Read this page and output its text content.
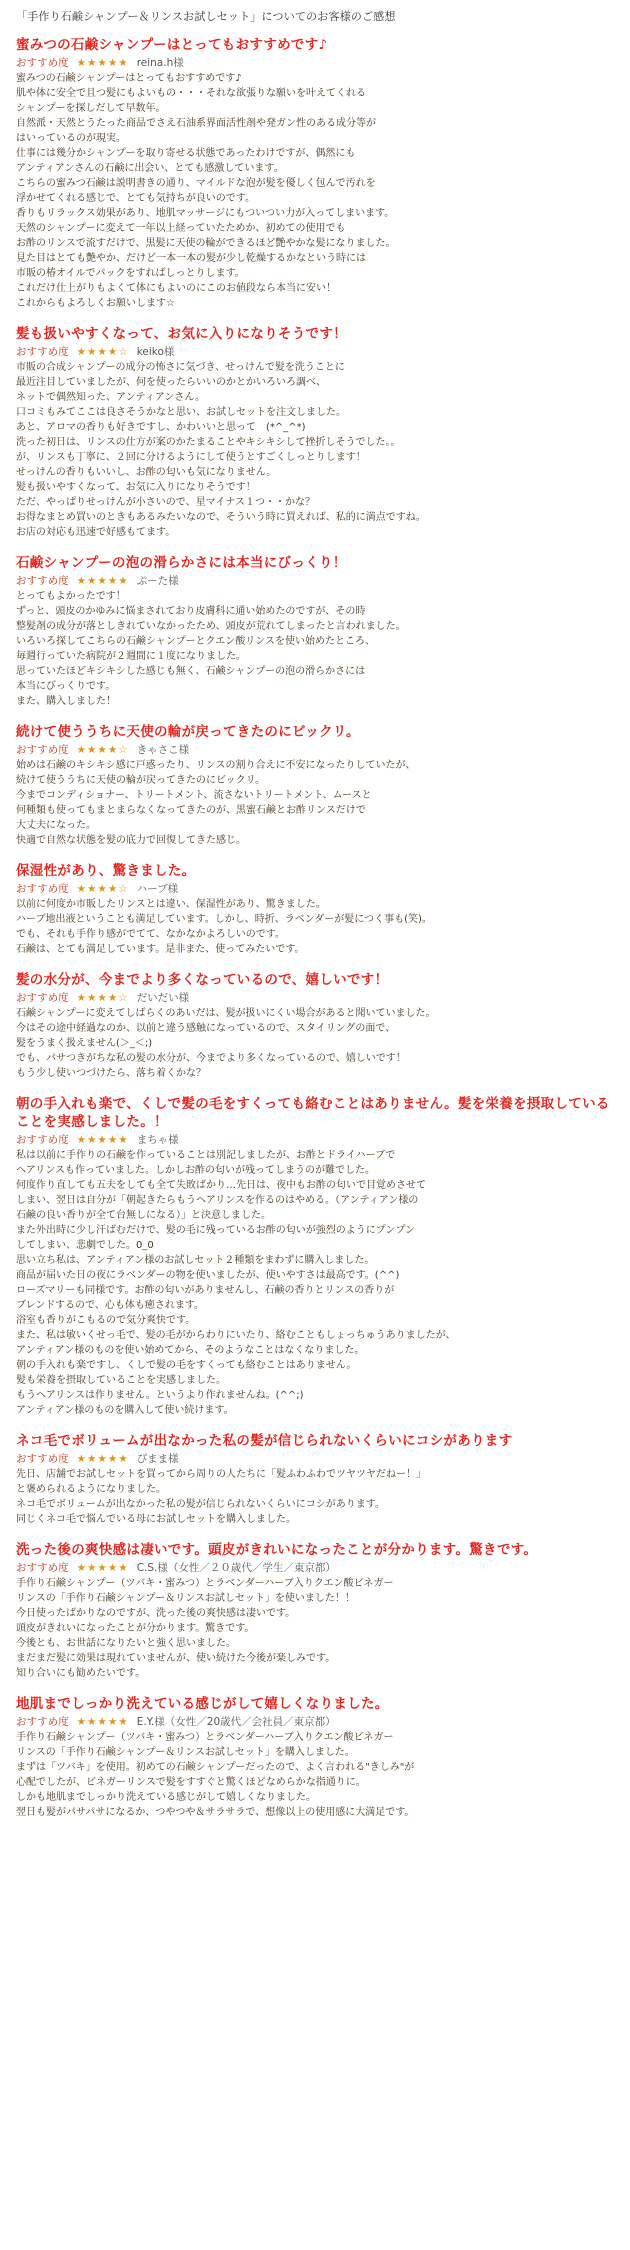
「手作り石鹸シャンプー＆リンスお試しセット」についてのお客様のご感想
蜜みつの石鹸シャンプーはとってもおすすめです♪
おすすめ度 ★★★★★ reina.h様
蜜みつの石鹸シャンプーはとってもおすすめです♪
肌や体に安全で且つ髪にもよいもの・・・それな欲張りな願いを叶えてくれる
シャンプーを探しだして早数年。
自然派・天然とうたった商品でさえ石油系界面活性剤や発ガン性のある成分等が
はいっているのが現実。
仕事には幾分かシャンプーを取り寄せる状態であったわけですが、偶然にも
アンティアンさんの石鹸に出会い、とても感激しています。
こちらの蜜みつ石鹸は説明書きの通り、マイルドな泡が髪を優しく包んで汚れを
浮かせてくれる感じで、とても気持ちが良いのです。
香りもリラックス効果があり、地肌マッサージにもついつい力が入ってしまいます。
天然のシャンプーに変えて一年以上経っていたためか、初めての使用でも
お酢のリンスで流すだけで、黒髪に天使の輪ができるほど艶やかな髪になりました。
見た目はとても艶やか、だけど一本一本の髪が少し乾燥するかなという時には
市販の椿オイルでパックをすればしっとりします。
これだけ仕上がりもよくて体にもよいのにこのお値段なら本当に安い！
これからもよろしくお願いします☆
髪も扱いやすくなって、お気に入りになりそうです！
おすすめ度 ★★★★☆ keiko様
市販の合成シャンプーの成分の怖さに気づき、せっけんで髪を洗うことに
最近注目していましたが、何を使ったらいいのかとかいろいろ調べ、
ネットで偶然知った、アンティアンさん。
口コミもみてここは良さそうかなと思い、お試しセットを注文しました。
あと、アロマの香りも好きですし、かわいいと思って　(*^_^*)
洗った初日は、リンスの仕方が案のかたまることやキシキシして挫折しそうでした。。
が、リンスも丁寧に、２回に分けるようにして使うとすごくしっとりします！
せっけんの香りもいいし、お酢の匂いも気になりません。
髪も扱いやすくなって、お気に入りになりそうです！
ただ、やっぱりせっけんが小さいので、星マイナス１つ・・かな？
お得なまとめ買いのときもあるみたいなので、そういう時に買えれば、私的に満点ですね。
お店の対応も迅速で好感もてます。
石鹸シャンプーの泡の滑らかさには本当にびっくり！
おすすめ度 ★★★★★ ぷーた様
とってもよかったです！
ずっと、頭皮のかゆみに悩まされており皮膚科に通い始めたのですが、その時
整髪剤の成分が落としきれていなかったため、頭皮が荒れてしまったと言われました。
いろいろ探してこちらの石鹸シャンプーとクエン酸リンスを使い始めたところ、
毎週行っていた病院が２週間に１度になりました。
思っていたほどキシキシした感じも無く、石鹸シャンプーの泡の滑らかさには
本当にびっくりです。
また、購入しました！
続けて使ううちに天使の輪が戻ってきたのにビックリ。
おすすめ度 ★★★★☆ きゃさこ様
始めは石鹸のキシキシ感に戸惑ったり、リンスの割り合えに不安になったりしていたが、
続けて使ううちに天使の輪が戻ってきたのにビックリ。
今までコンディショナー、トリートメント、流さないトリートメント、ムースと
何種類も使ってもまとまらなくなってきたのが、黒蜜石鹸とお酢リンスだけで
大丈夫になった。
快適で自然な状態を髪の底力で回復してきた感じ。
保湿性があり、驚きました。
おすすめ度 ★★★★☆ ハーブ様
以前に何度か市販したリンスとは違い、保湿性があり、驚きました。
ハーブ地出液ということも満足しています。しかし、時折、ラベンダーが髪につく事も(笑)。
でも、それも手作り感がでてて、なかなかよろしいのです。
石鹸は、とても満足しています。是非また、使ってみたいです。
髪の水分が、今までより多くなっているので、嬉しいです！
おすすめ度 ★★★★☆ だいだい様
石鹸シャンプーに変えてしばらくのあいだは、髪が扱いにくい場合があると聞いていました。
今はその途中経過なのか、以前と違う感触になっているので、スタイリングの面で、
髪をうまく扱えません(＞_＜;)
でも、パサつきがちな私の髪の水分が、今までより多くなっているので、嬉しいです！
もう少し使いつづけたら、落ち着くかな？
朝の手入れも楽で、くしで髪の毛をすくっても絡むことはありません。髪を栄養を摂取していることを実感しました。！
おすすめ度 ★★★★★ まちゃ様
私は以前に手作りの石鹸を作っていることは別記しましたが、お酢とドライハーブで
ヘアリンスも作っていました。しかしお酢の匂いが残ってしまうのが難でした。
何度作り直しても五夫をしても全て失敗ばかり…先日は、夜中もお酢の匂いで目覚めさせて
しまい、翌日は自分が「朝起きたらもうヘアリンスを作るのはやめる。（アンティアン様の
石鹸の良い香りが全て台無しになる）」と決意しました。
また外出時に少し汗ばむだけで、髪の毛に残っているお酢の匂いが強烈のようにプンプン
してしまい、悲劇でした。0_0
思い立ち私は、アンティアン様のお試しセット２種類をまわずに購入しました。
商品が届いた日の夜にラベンダーの物を使いましたが、使いやすさは最高です。(^^)
ローズマリーも同様です。お酢の匂いがありませんし、石鹸の香りとリンスの香りが
ブレンドするので、心も体も癒されます。
浴室も香りがこもるので気分爽快です。
また、私は敏いくせっ毛で、髪の毛がからわりにいたり、絡むこともしょっちゅうありましたが、
アンティアン様のものを使い始めてから、そのようなことはなくなりました。
朝の手入れも楽ですし、くしで髪の毛をすくっても絡むことはありません。
髪も栄養を摂取していることを実感しました。
もうヘアリンスは作りません。というより作れませんね。(^^;)
アンティアン様のものを購入して使い続けます。
ネコ毛でボリュームが出なかった私の髪が信じられないくらいにコシがあります
おすすめ度 ★★★★★ ぴまま様
先日、店舗でお試しセットを買ってから周りの人たちに「髪ふわふわでツヤツヤだねー！」
と褒められるようになりました。
ネコ毛でボリュームが出なかった私の髪が信じられないくらいにコシがあります。
同じくネコ毛で悩んでいる母にお試しセットを購入しました。
洗った後の爽快感は凄いです。頭皮がきれいになったことが分かります。驚きです。
おすすめ度 ★★★★★ C.S.様（女性／２０歳代／学生／東京都）
手作り石鹸シャンプー（ツバキ・蜜みつ）とラベンダーハーブ入りクエン酸ビネガー
リンスの「手作り石鹸シャンプー＆リンスお試しセット」を使いました！！
今日使ったばかりなのですが、洗った後の爽快感は凄いです。
頭皮がきれいになったことが分かります。驚きです。
今後とも、お世話になりたいと強く思いました。
まだまだ髪に効果は現れていませんが、使い続けた今後が楽しみです。
知り合いにも勧めたいです。
地肌までしっかり洗えている感じがして嬉しくなりました。
おすすめ度 ★★★★★ E.Y.様（女性／20歳代／会社員／東京都）
手作り石鹸シャンプー（ツバキ・蜜みつ）とラベンダーハーブ入りクエン酸ビネガー
リンスの「手作り石鹸シャンプー＆リンスお試しセット」を購入しました。
まずは「ツバキ」を使用。初めての石鹸シャンプーだったので、よく言われる"きしみ"が
心配でしたが、ビネガーリンスで髪をすすぐと驚くほどなめらかな指通りに。
しかも地肌までしっかり洗えている感じがして嬉しくなりました。
翌日も髪がパサパサになるか、つやつや＆サラサラで、想像以上の使用感に大満足です。
